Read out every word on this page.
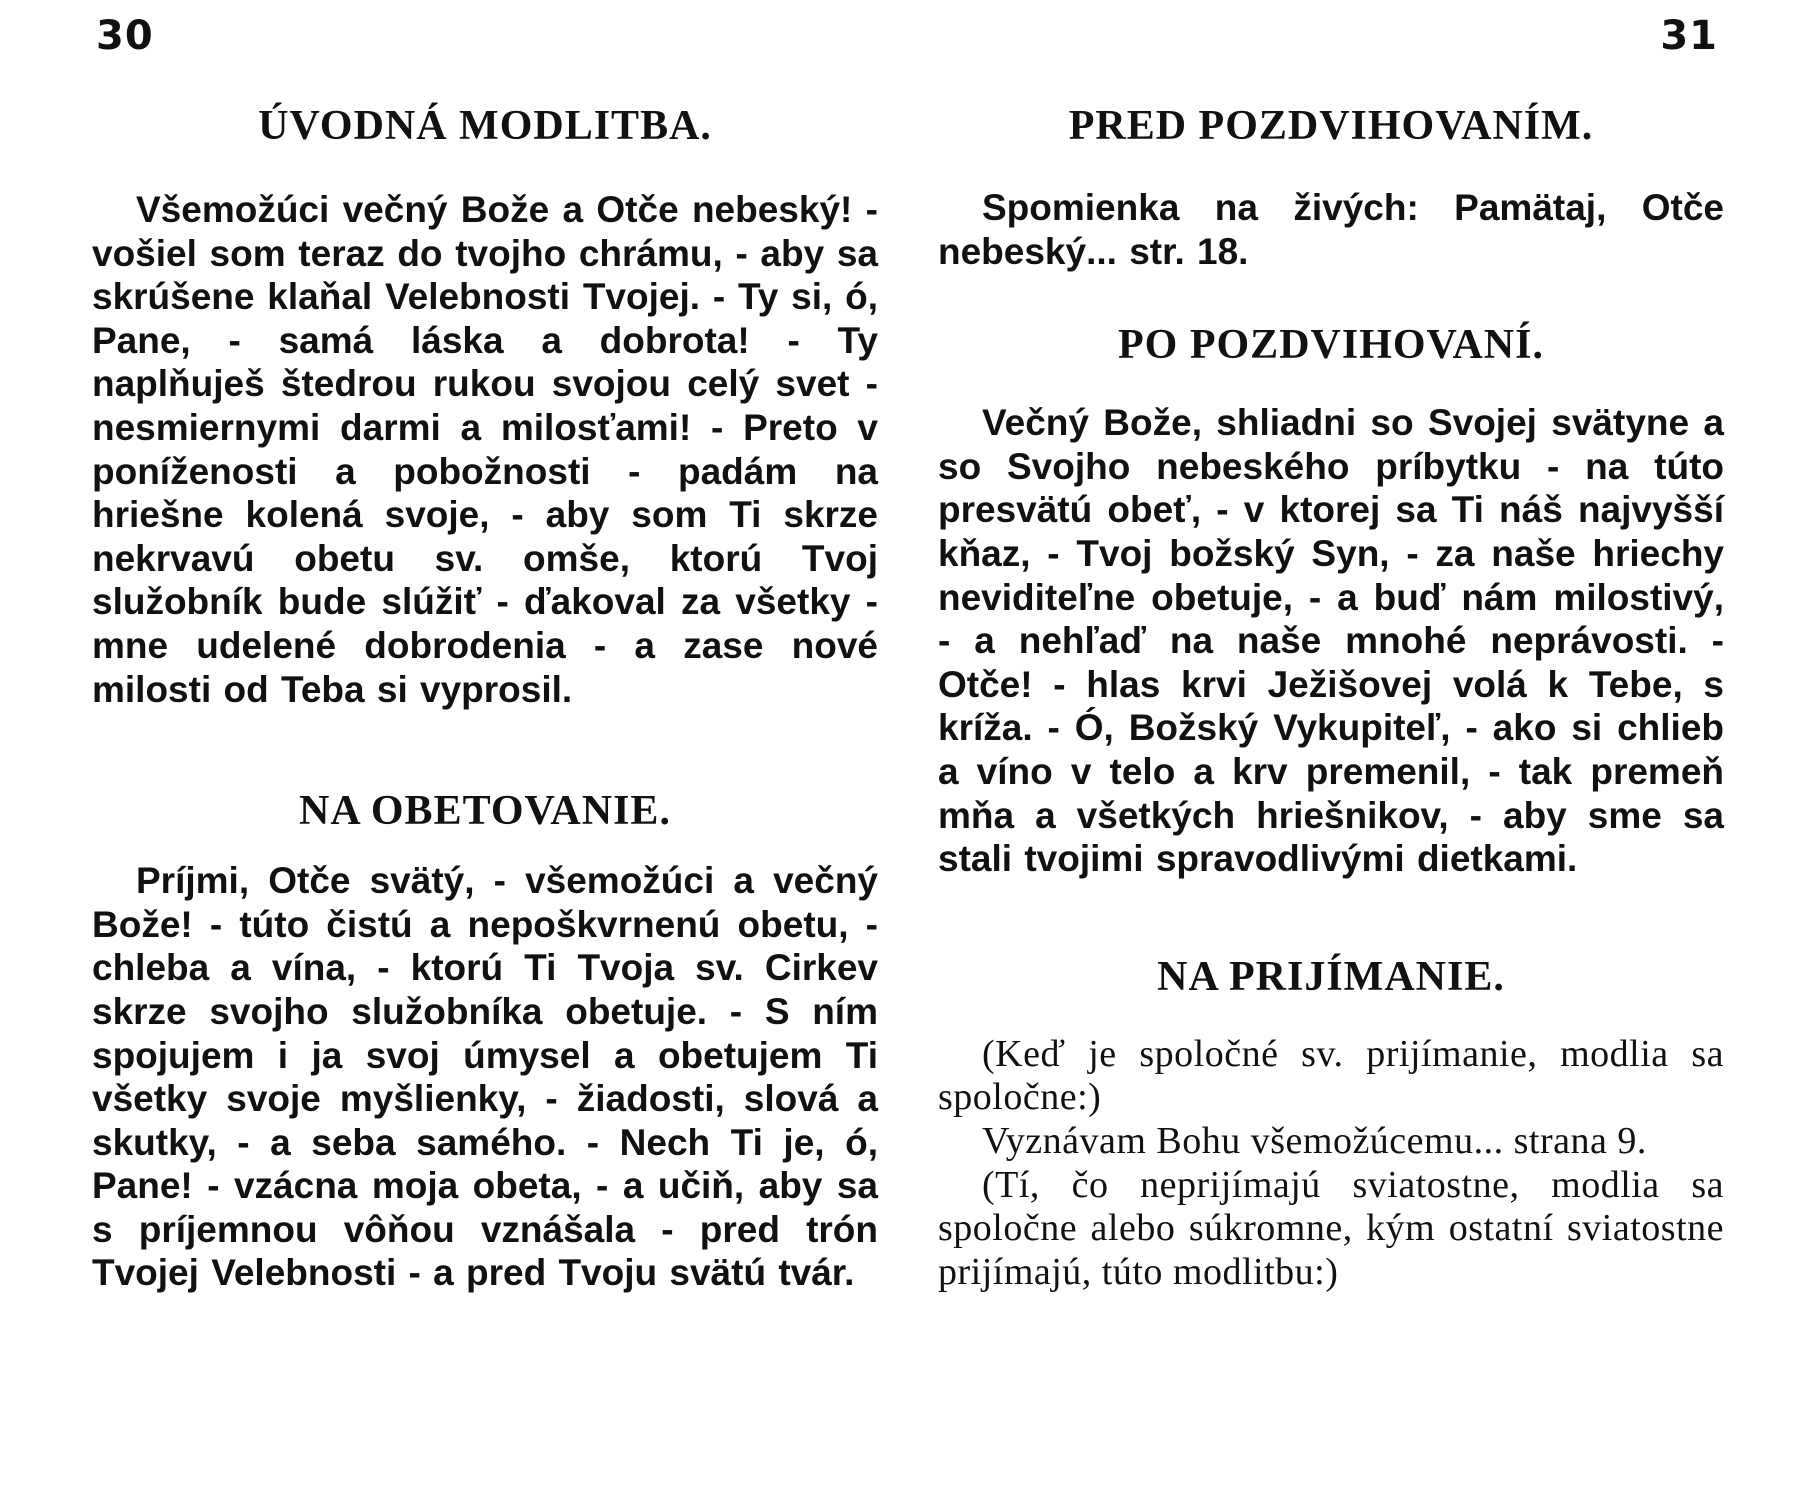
30	31
ÚVODNÁ MODLITBA.

Všemožúci večný Bože a Otče nebeský! - vošiel som teraz do tvojho chrámu, - aby sa skrúšene klaňal Velebnosti Tvojej. - Ty si, ó, Pane, - samá láska a dobrota! - Ty naplňuješ štedrou rukou svojou celý svet - nesmiernymi darmi a milosťami! - Preto v poníženosti a pobožnosti - padám na hriešne kolená svoje, - aby som Ti skrze nekrvavú obetu sv. omše, ktorú Tvoj služobník bude slúžiť - ďakoval za všetky - mne udelené dobrodenia - a zase nové milosti od Teba si vyprosil.

NA OBETOVANIE.

Príjmi, Otče svätý, - všemožúci a večný Bože! - túto čistú a nepoškvrnenú obetu, - chleba a vína, - ktorú Ti Tvoja sv. Cirkev skrze svojho služobníka obetuje. - S ním spojujem i ja svoj úmysel a obetujem Ti všetky svoje myšlienky, - žiadosti, slová a skutky, - a seba samého. - Nech Ti je, ó, Pane! - vzácna moja obeta, - a učiň, aby sa s príjemnou vôňou vznášala - pred trón Tvojej Velebnosti - a pred Tvoju svätú tvár.

PRED POZDVIHOVANÍM.

Spomienka na živých: Pamätaj, Otče nebeský... str. 18.

PO POZDVIHOVANÍ.

Večný Bože, shliadni so Svojej svätyne a so Svojho nebeského príbytku - na túto presvätú obeť, - v ktorej sa Ti náš najvyšší kňaz, - Tvoj božský Syn, - za naše hriechy neviditeľne obetuje, - a buď nám milostivý, - a nehľaď na naše mnohé neprávosti. - Otče! - hlas krvi Ježišovej volá k Tebe, s kríža. - Ó, Božský Vykupiteľ, - ako si chlieb a víno v telo a krv premenil, - tak premeň mňa a všetkých hriešnikov, - aby sme sa stali tvojimi spravodlivými dietkami.

NA PRIJÍMANIE.

(Keď je spoločné sv. prijímanie, modlia sa spoločne:)

Vyznávam Bohu všemožúcemu... strana 9.

(Tí, čo neprijímajú sviatostne, modlia sa spoločne alebo súkromne, kým ostatní sviatostne prijímajú, túto modlitbu:)
